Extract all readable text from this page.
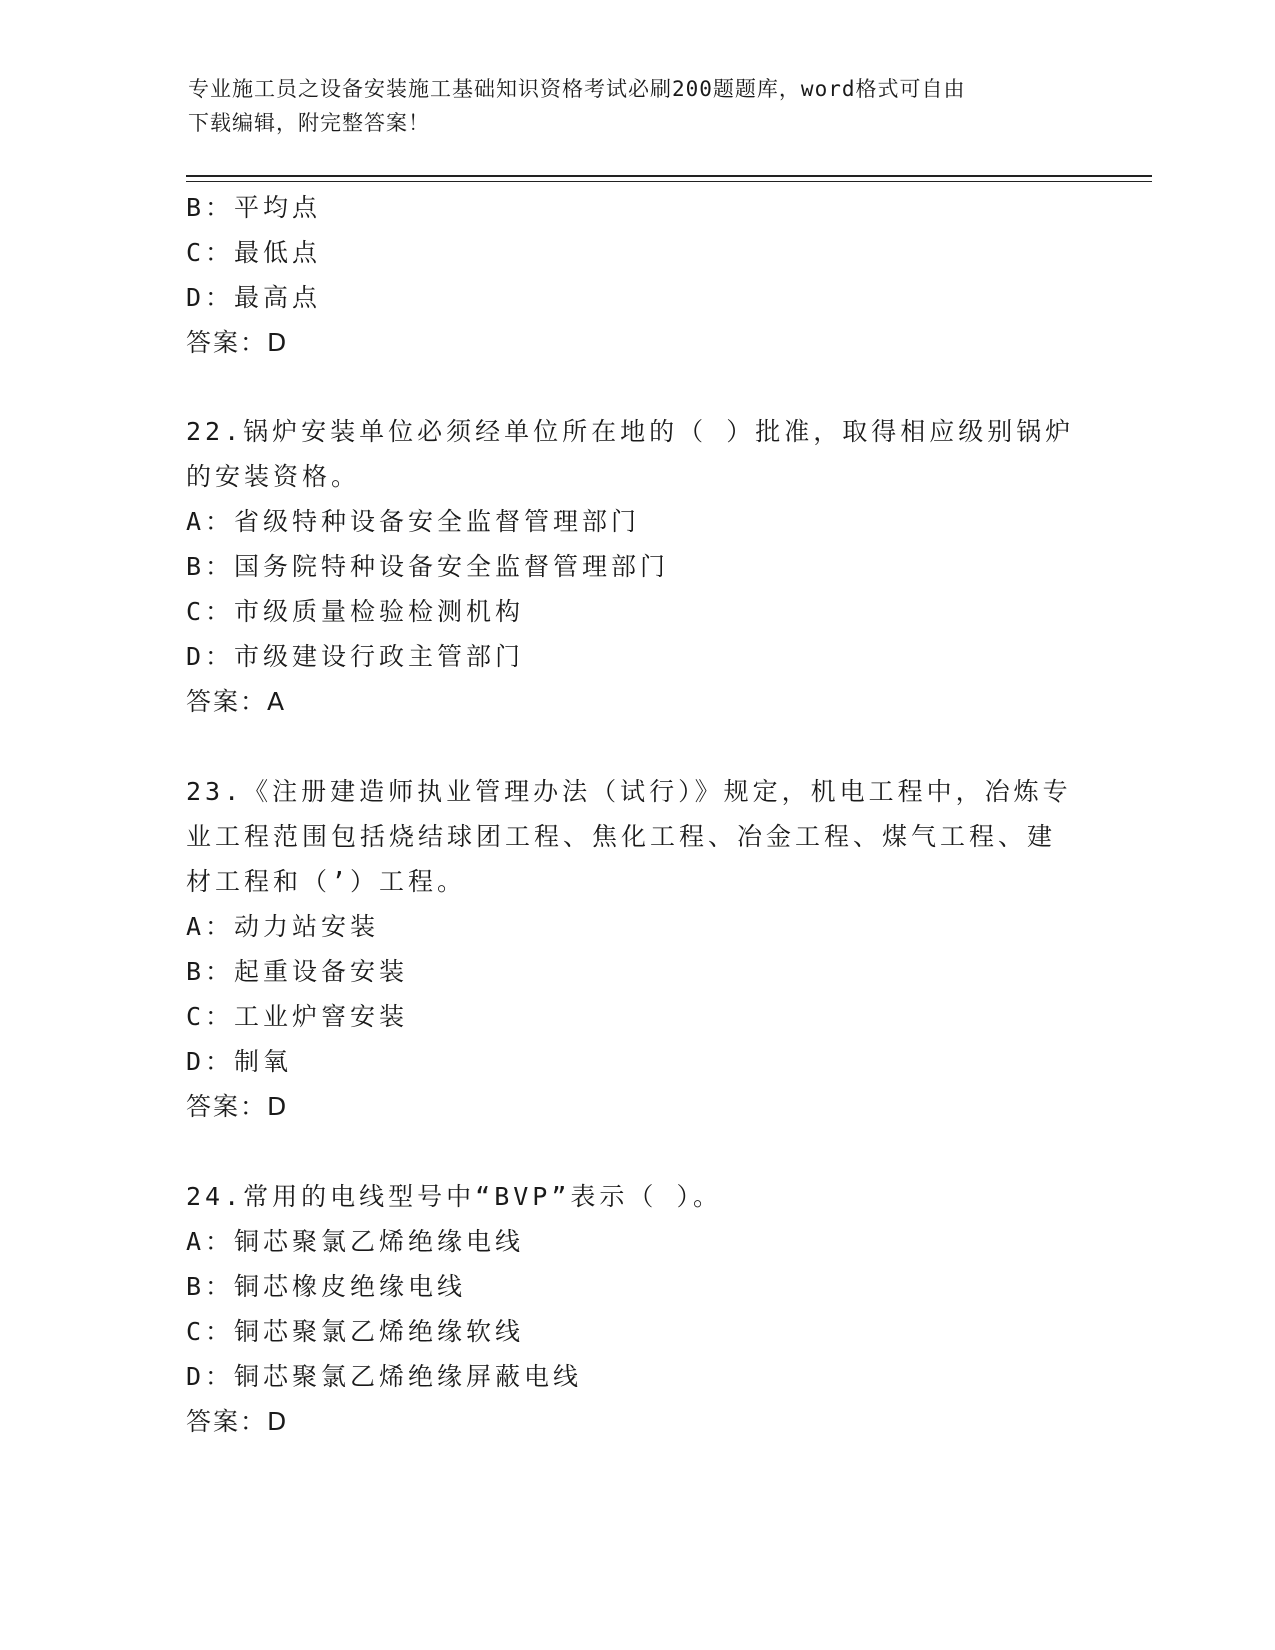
专业施工员之设备安装施工基础知识资格考试必刷200题题库，word格式可自由
下载编辑，附完整答案！
B：平均点
C：最低点
D：最高点
答案：D
22.锅炉安装单位必须经单位所在地的（ ）批准，取得相应级别锅炉
的安装资格。
A：省级特种设备安全监督管理部门
B：国务院特种设备安全监督管理部门
C：市级质量检验检测机构
D：市级建设行政主管部门
答案：A
23.《注册建造师执业管理办法（试行）》规定，机电工程中，冶炼专
业工程范围包括烧结球团工程、焦化工程、冶金工程、煤气工程、建
材工程和（’）工程。
A：动力站安装
B：起重设备安装
C：工业炉窨安装
D：制氧
答案：D
24.常用的电线型号中“BVP”表示（ ）。
A：铜芯聚氯乙烯绝缘电线
B：铜芯橡皮绝缘电线
C：铜芯聚氯乙烯绝缘软线
D：铜芯聚氯乙烯绝缘屏蔽电线
答案：D
